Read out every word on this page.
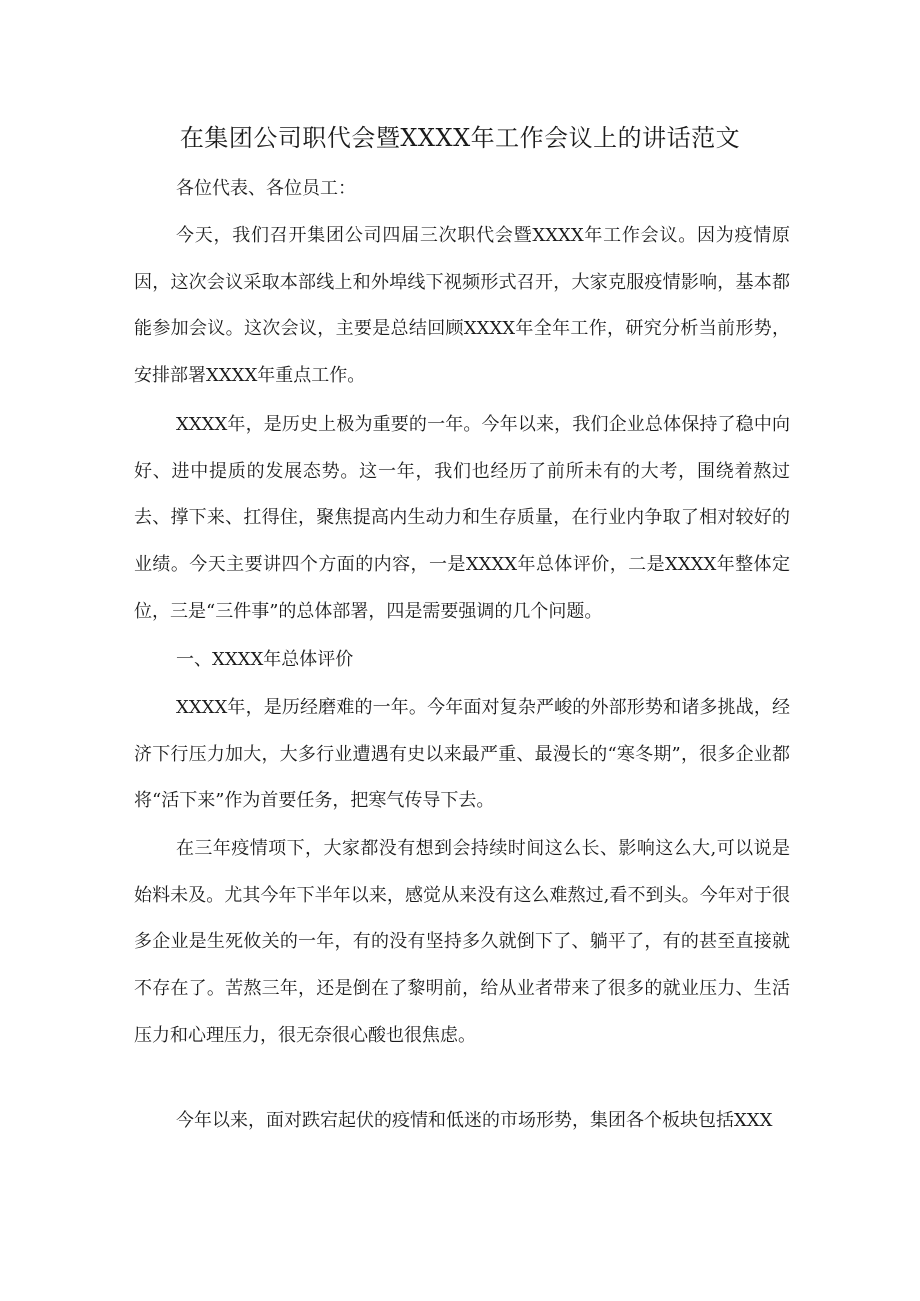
在集团公司职代会暨XXXX年工作会议上的讲话范文

各位代表、各位员工：

今天，我们召开集团公司四届三次职代会暨XXXX年工作会议。因为疫情原因，这次会议采取本部线上和外埠线下视频形式召开，大家克服疫情影响，基本都能参加会议。这次会议，主要是总结回顾XXXX年全年工作，研究分析当前形势，安排部署XXXX年重点工作。

XXXX年，是历史上极为重要的一年。今年以来，我们企业总体保持了稳中向好、进中提质的发展态势。这一年，我们也经历了前所未有的大考，围绕着熬过去、撑下来、扛得住，聚焦提高内生动力和生存质量，在行业内争取了相对较好的业绩。今天主要讲四个方面的内容，一是XXXX年总体评价，二是XXXX年整体定位，三是“三件事”的总体部署，四是需要强调的几个问题。

一、XXXX年总体评价

XXXX年，是历经磨难的一年。今年面对复杂严峻的外部形势和诸多挑战，经济下行压力加大，大多行业遭遇有史以来最严重、最漫长的“寒冬期”，很多企业都将“活下来”作为首要任务，把寒气传导下去。

在三年疫情项下，大家都没有想到会持续时间这么长、影响这么大,可以说是始料未及。尤其今年下半年以来，感觉从来没有这么难熬过,看不到头。今年对于很多企业是生死攸关的一年，有的没有坚持多久就倒下了、躺平了，有的甚至直接就不存在了。苦熬三年，还是倒在了黎明前，给从业者带来了很多的就业压力、生活压力和心理压力，很无奈很心酸也很焦虑。

今年以来，面对跌宕起伏的疫情和低迷的市场形势，集团各个板块包括XXX
